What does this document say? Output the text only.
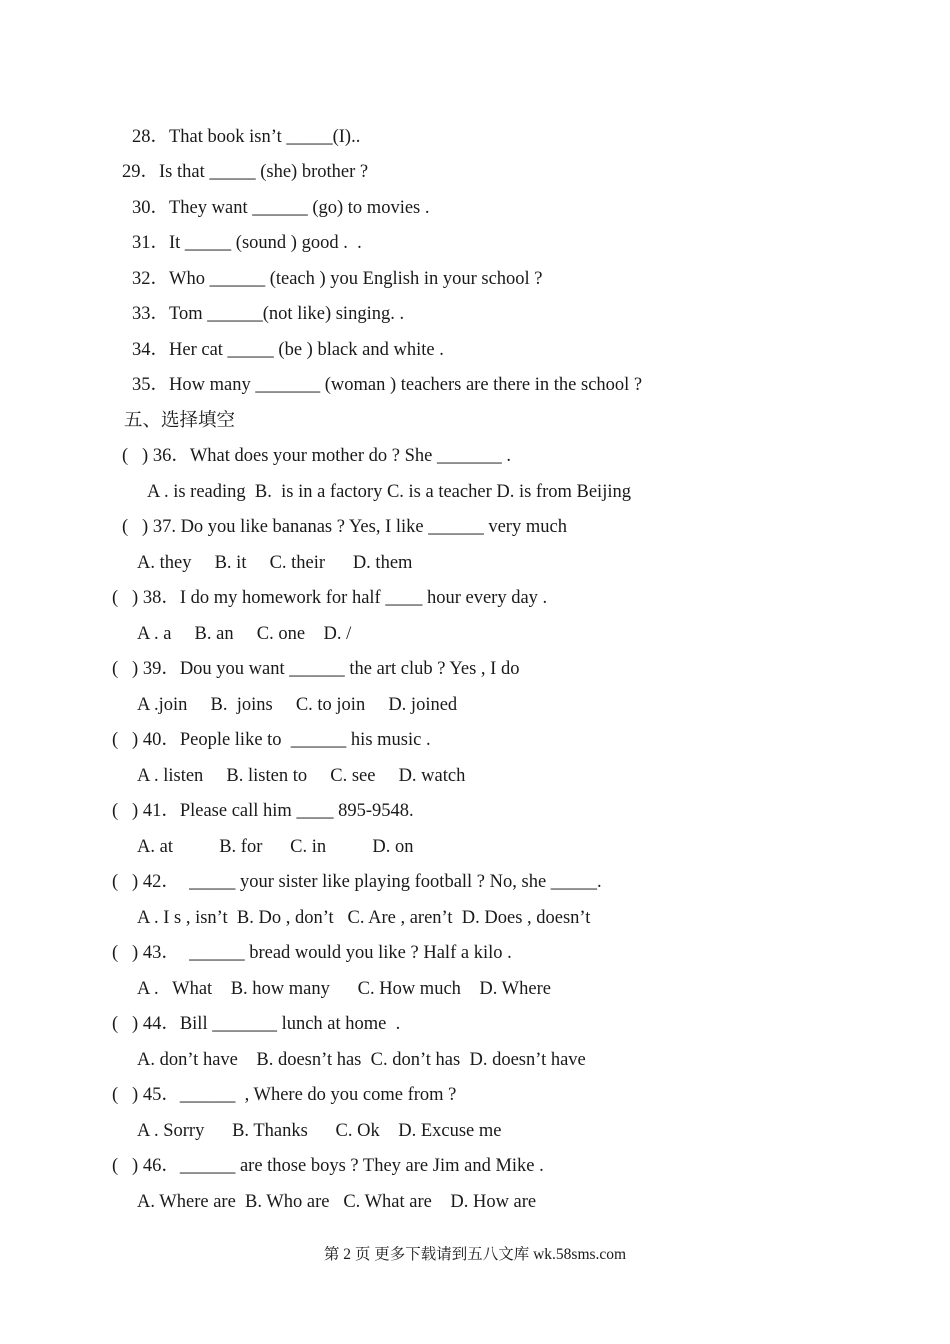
28．That book isn’t _____(I)..
29．Is that _____ (she) brother ?
30．They want ______ (go) to movies .
31．It _____ (sound ) good .  .
32．Who ______ (teach ) you English in your school ?
33．Tom ______(not like) singing. .
34．Her cat _____ (be ) black and white .
35．How many _______ (woman ) teachers are there in the school ?
五、选择填空
(   ) 36．What does your mother do ? She _______ .
A . is reading  B.  is in a factory C. is a teacher D. is from Beijing
(   ) 37. Do you like bananas ? Yes, I like ______ very much
A. they     B. it     C. their      D. them
(   ) 38．I do my homework for half ____ hour every day .
A . a     B. an     C. one    D. /
(   ) 39．Dou you want ______ the art club ? Yes , I do
A .join     B.  joins     C. to join     D. joined
(   ) 40．People like to  ______ his music .
A . listen     B. listen to     C. see     D. watch
(   ) 41．Please call him ____ 895-9548.
A. at          B. for      C. in          D. on
(   ) 42．  _____ your sister like playing football ? No, she _____.
A . I s , isn’t  B. Do , don’t   C. Are , aren’t  D. Does , doesn’t
(   ) 43．  ______ bread would you like ? Half a kilo .
A .   What    B. how many      C. How much    D. Where
(   ) 44．Bill _______ lunch at home  .
A. don’t have    B. doesn’t has  C. don’t has  D. doesn’t have
(   ) 45．______  , Where do you come from ?
A . Sorry      B. Thanks      C. Ok    D. Excuse me
(   ) 46．______ are those boys ? They are Jim and Mike .
A. Where are  B. Who are   C. What are    D. How are
第 2 页 更多下载请到五八文库 wk.58sms.com
